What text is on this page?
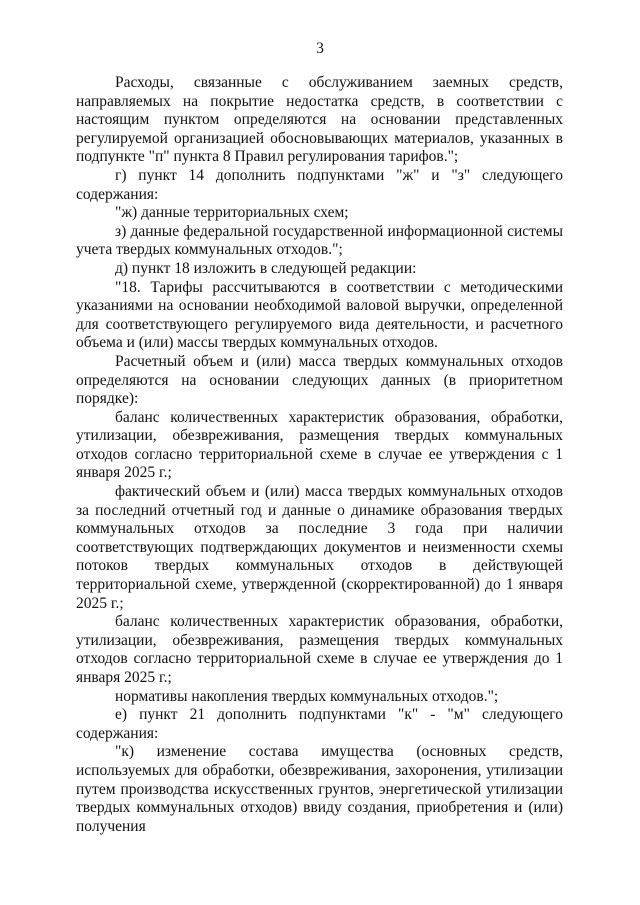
3

Расходы, связанные с обслуживанием заемных средств, направляемых на покрытие недостатка средств, в соответствии с настоящим пунктом определяются на основании представленных регулируемой организацией обосновывающих материалов, указанных в подпункте "п" пункта 8 Правил регулирования тарифов.";

г) пункт 14 дополнить подпунктами "ж" и "з" следующего содержания:

"ж) данные территориальных схем;

з) данные федеральной государственной информационной системы учета твердых коммунальных отходов.";

д) пункт 18 изложить в следующей редакции:

"18. Тарифы рассчитываются в соответствии с методическими указаниями на основании необходимой валовой выручки, определенной для соответствующего регулируемого вида деятельности, и расчетного объема и (или) массы твердых коммунальных отходов.

Расчетный объем и (или) масса твердых коммунальных отходов определяются на основании следующих данных (в приоритетном порядке):

баланс количественных характеристик образования, обработки, утилизации, обезвреживания, размещения твердых коммунальных отходов согласно территориальной схеме в случае ее утверждения с 1 января 2025 г.;

фактический объем и (или) масса твердых коммунальных отходов за последний отчетный год и данные о динамике образования твердых коммунальных отходов за последние 3 года при наличии соответствующих подтверждающих документов и неизменности схемы потоков твердых коммунальных отходов в действующей территориальной схеме, утвержденной (скорректированной) до 1 января 2025 г.;

баланс количественных характеристик образования, обработки, утилизации, обезвреживания, размещения твердых коммунальных отходов согласно территориальной схеме в случае ее утверждения до 1 января 2025 г.;

нормативы накопления твердых коммунальных отходов.";

е) пункт 21 дополнить подпунктами "к" - "м" следующего содержания:

"к) изменение состава имущества (основных средств, используемых для обработки, обезвреживания, захоронения, утилизации путем производства искусственных грунтов, энергетической утилизации твердых коммунальных отходов) ввиду создания, приобретения и (или) получения
